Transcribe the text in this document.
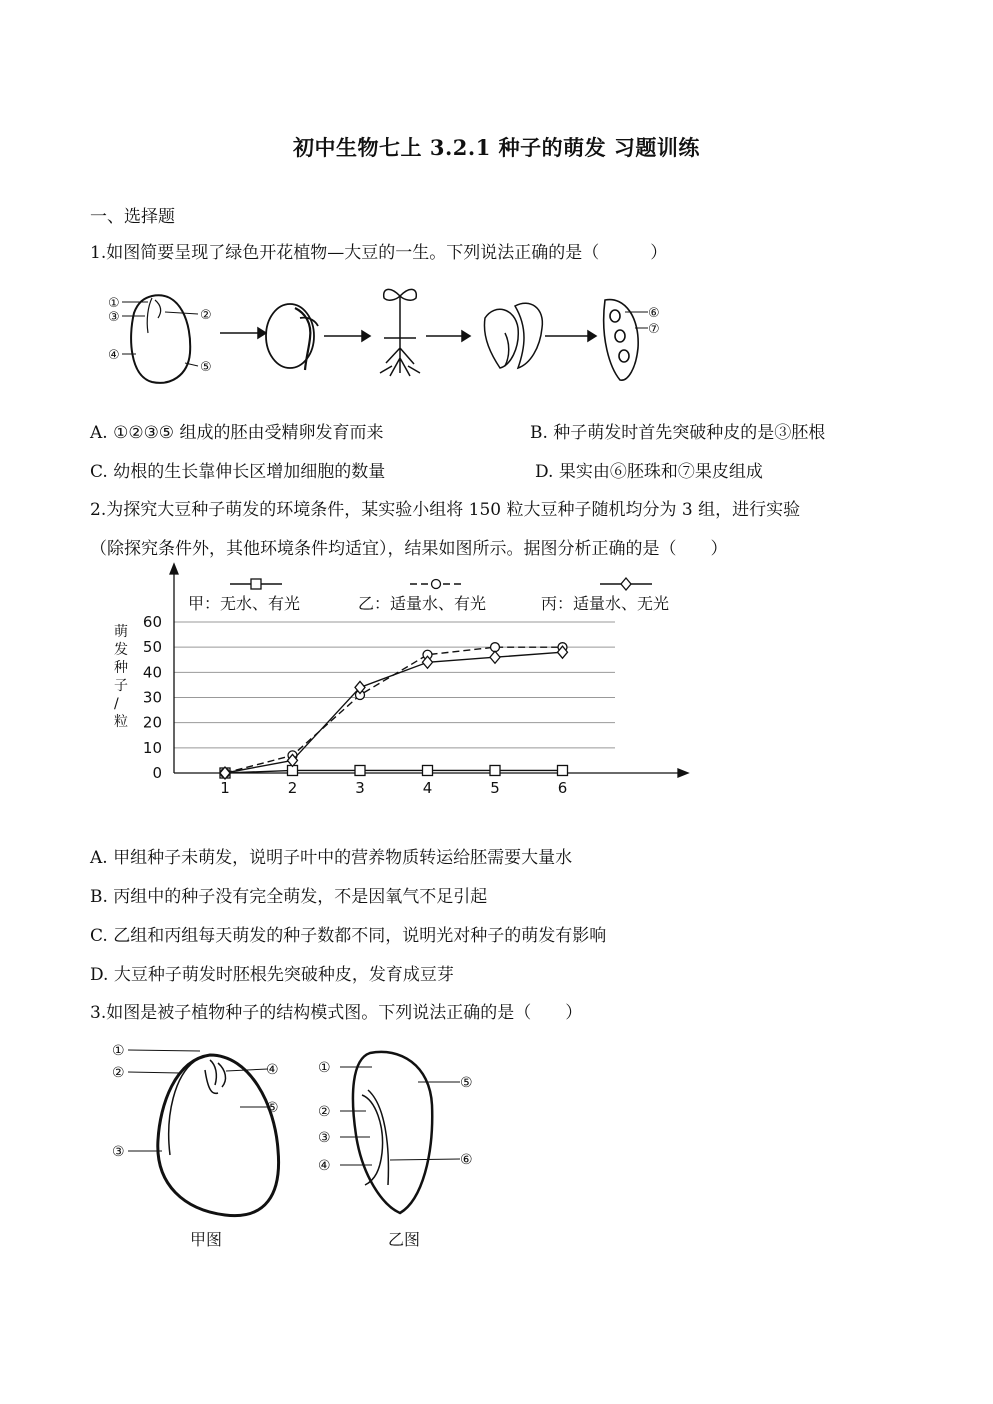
初中生物七上 3.2.1 种子的萌发 习题训练
一、选择题
1.如图简要呈现了绿色开花植物—大豆的一生。下列说法正确的是（　　　）
①
③
④
②
⑤
⑥
⑦
A. ①②③⑤ 组成的胚由受精卵发育而来	B. 种子萌发时首先突破种皮的是③胚根
C. 幼根的生长靠伸长区增加细胞的数量	D. 果实由⑥胚珠和⑦果皮组成
2.为探究大豆种子萌发的环境条件，某实验小组将 150 粒大豆种子随机均分为 3 组，进行实验
（除探究条件外，其他环境条件均适宜），结果如图所示。据图分析正确的是（　　）
萌发种子/粒
0
10
20
30
40
50
60
1	2	3	4	5	6
甲：无水、有光	乙：适量水、有光	丙：适量水、无光
A. 甲组种子未萌发，说明子叶中的营养物质转运给胚需要大量水
B. 丙组中的种子没有完全萌发，不是因氧气不足引起
C. 乙组和丙组每天萌发的种子数都不同，说明光对种子的萌发有影响
D. 大豆种子萌发时胚根先突破种皮，发育成豆芽
3.如图是被子植物种子的结构模式图。下列说法正确的是（　　）
①
②
③
④
⑤
甲图
①
②
③
④
⑤
⑥
乙图
